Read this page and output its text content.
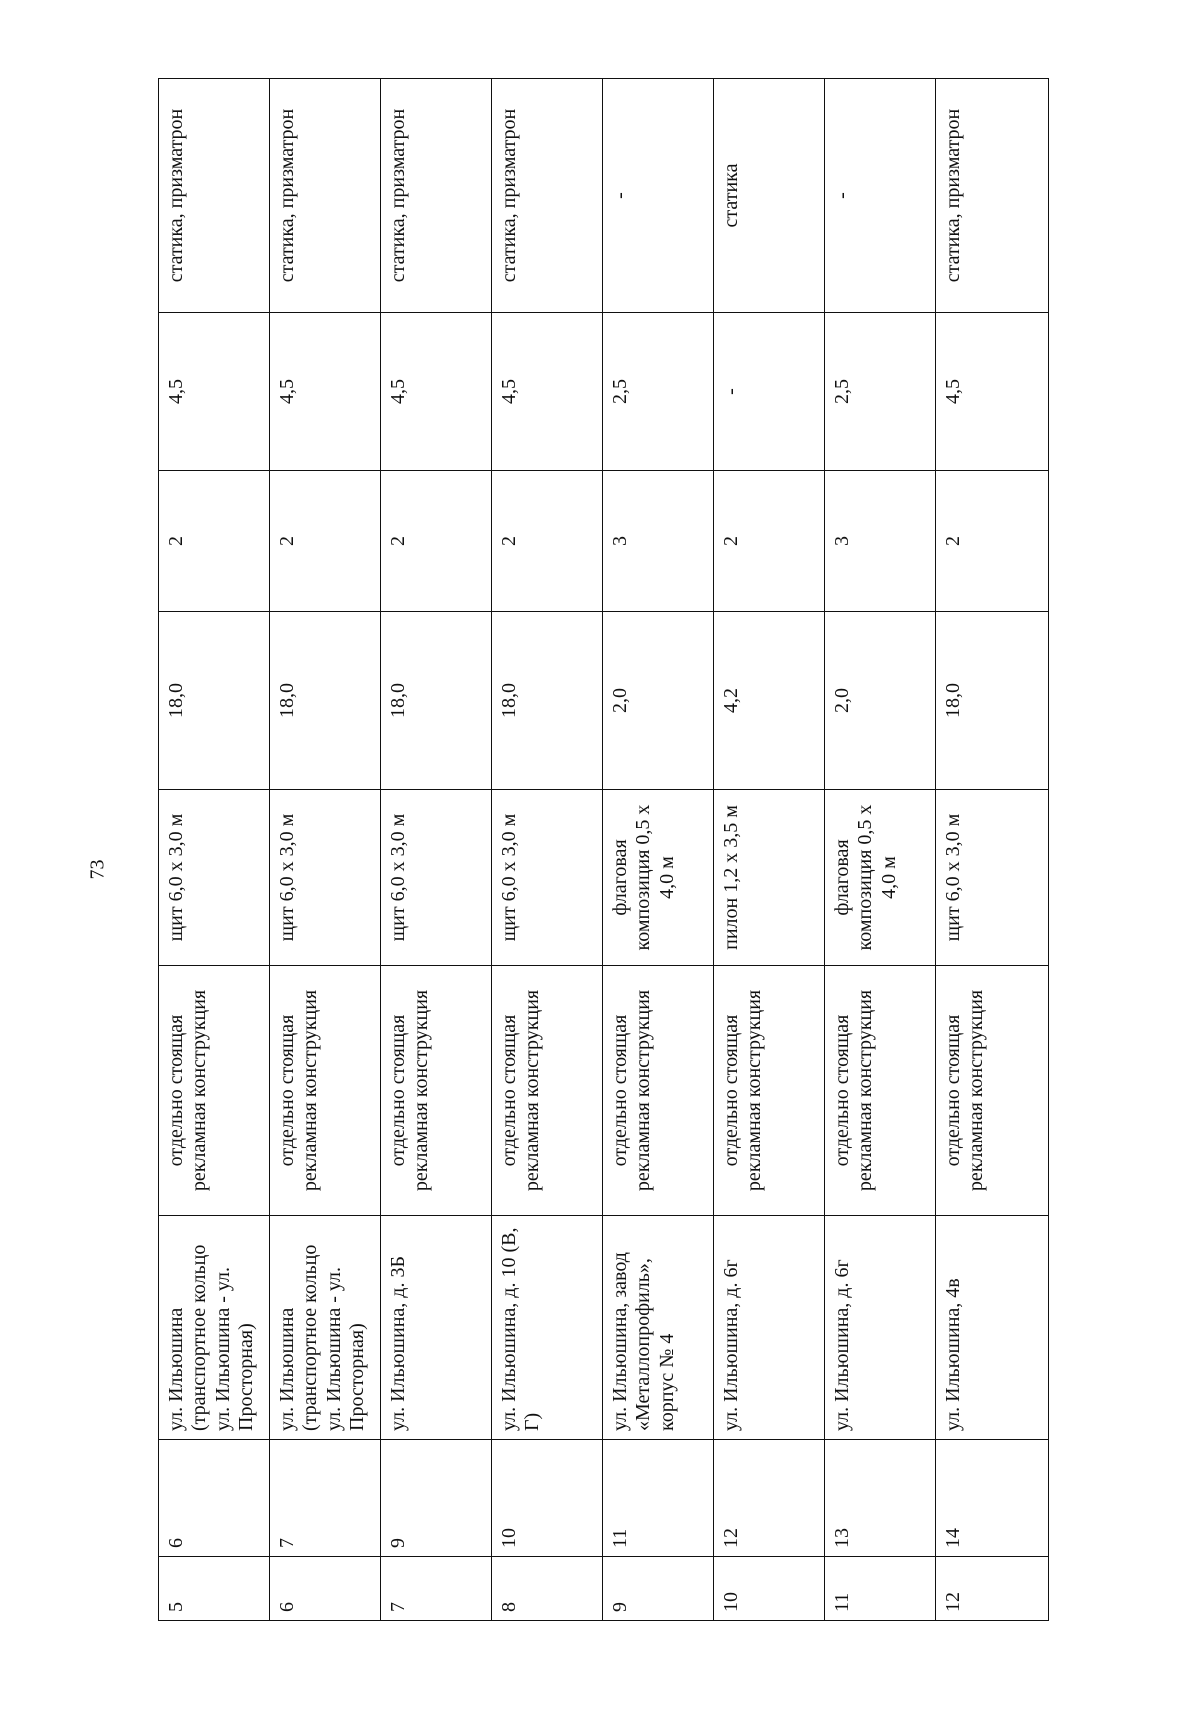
73
5	6	ул. Ильюшина (транспортное кольцо ул. Ильюшина - ул. Просторная)	отдельно стоящая рекламная конструкция	щит 6,0 х 3,0 м	18,0	2	4,5	статика, призматрон
6	7	ул. Ильюшина (транспортное кольцо ул. Ильюшина - ул. Просторная)	отдельно стоящая рекламная конструкция	щит 6,0 х 3,0 м	18,0	2	4,5	статика, призматрон
7	9	ул. Ильюшина, д. 3Б	отдельно стоящая рекламная конструкция	щит 6,0 х 3,0 м	18,0	2	4,5	статика, призматрон
8	10	ул. Ильюшина, д. 10 (В, Г)	отдельно стоящая рекламная конструкция	щит 6,0 х 3,0 м	18,0	2	4,5	статика, призматрон
9	11	ул. Ильюшина, завод «Металлопрофиль», корпус № 4	отдельно стоящая рекламная конструкция	флаговая композиция 0,5 х 4,0 м	2,0	3	2,5	-
10	12	ул. Ильюшина, д. 6г	отдельно стоящая рекламная конструкция	пилон 1,2 х 3,5 м	4,2	2	-	статика
11	13	ул. Ильюшина, д. 6г	отдельно стоящая рекламная конструкция	флаговая композиция 0,5 х 4,0 м	2,0	3	2,5	-
12	14	ул. Ильюшина, 4в	отдельно стоящая рекламная конструкция	щит 6,0 х 3,0 м	18,0	2	4,5	статика, призматрон
